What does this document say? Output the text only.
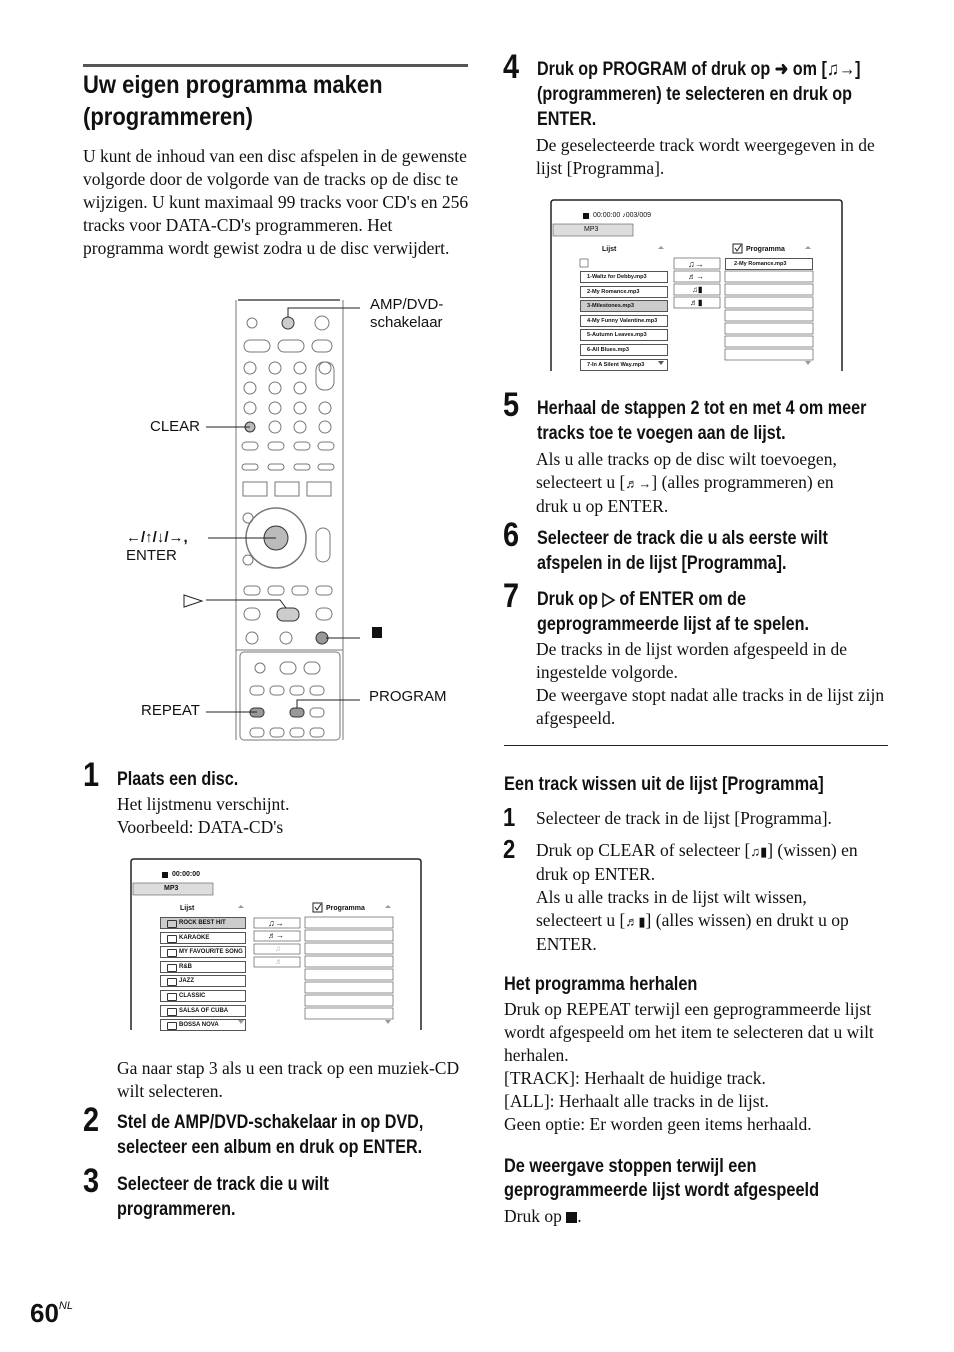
Uw eigen programma maken
(programmeren)
U kunt de inhoud van een disc afspelen in de gewenste volgorde door de volgorde van de tracks op de disc te wijzigen. U kunt maximaal 99 tracks voor CD's en 256 tracks voor DATA-CD's programmeren. Het programma wordt gewist zodra u de disc verwijdert.
AMP/DVD-
schakelaar
CLEAR
←/↑/↓/→,
ENTER
REPEAT
PROGRAM
1 Plaats een disc.
Het lijstmenu verschijnt.
Voorbeeld: DATA-CD's
00:00:00
MP3
Lijst	Programma
ROCK BEST HIT
KARAOKE
MY FAVOURITE SONG
R&B
JAZZ
CLASSIC
SALSA OF CUBA
BOSSA NOVA
♫→
♬→
♫
♬
Ga naar stap 3 als u een track op een muziek-CD wilt selecteren.
2 Stel de AMP/DVD-schakelaar in op DVD,
selecteer een album en druk op ENTER.
3 Selecteer de track die u wilt
programmeren.
$60^{NL}$
4 Druk op PROGRAM of druk op ➜ om [♫→]
(programmeren) te selecteren en druk op
ENTER.
De geselecteerde track wordt weergegeven in de lijst [Programma].
00:00:00 ♪003/009
MP3
Lijst	Programma
1-Waltz for Debby.mp3
2-My Romance.mp3
3-Milestones.mp3
4-My Funny Valentine.mp3
5-Autumn Leaves.mp3
6-All Blues.mp3
7-In A Silent Way.mp3
2-My Romance.mp3
♫→
♬→
♫▮
♬▮
5 Herhaal de stappen 2 tot en met 4 om meer
tracks toe te voegen aan de lijst.
Als u alle tracks op de disc wilt toevoegen,
selecteert u [♬→] (alles programmeren) en
druk u op ENTER.
6 Selecteer de track die u als eerste wilt
afspelen in de lijst [Programma].
7 Druk op ▷ of ENTER om de
geprogrammeerde lijst af te spelen.
De tracks in de lijst worden afgespeeld in de ingestelde volgorde.
De weergave stopt nadat alle tracks in de lijst zijn afgespeeld.
Een track wissen uit de lijst [Programma]
1 Selecteer de track in de lijst [Programma].
2 Druk op CLEAR of selecteer [♫▮] (wissen) en
druk op ENTER.
Als u alle tracks in de lijst wilt wissen,
selecteert u [♬▮] (alles wissen) en drukt u op
ENTER.
Het programma herhalen
Druk op REPEAT terwijl een geprogrammeerde lijst wordt afgespeeld om het item te selecteren dat u wilt herhalen.
[TRACK]: Herhaalt de huidige track.
[ALL]: Herhaalt alle tracks in de lijst.
Geen optie: Er worden geen items herhaald.
De weergave stoppen terwijl een
geprogrammeerde lijst wordt afgespeeld
Druk op .
